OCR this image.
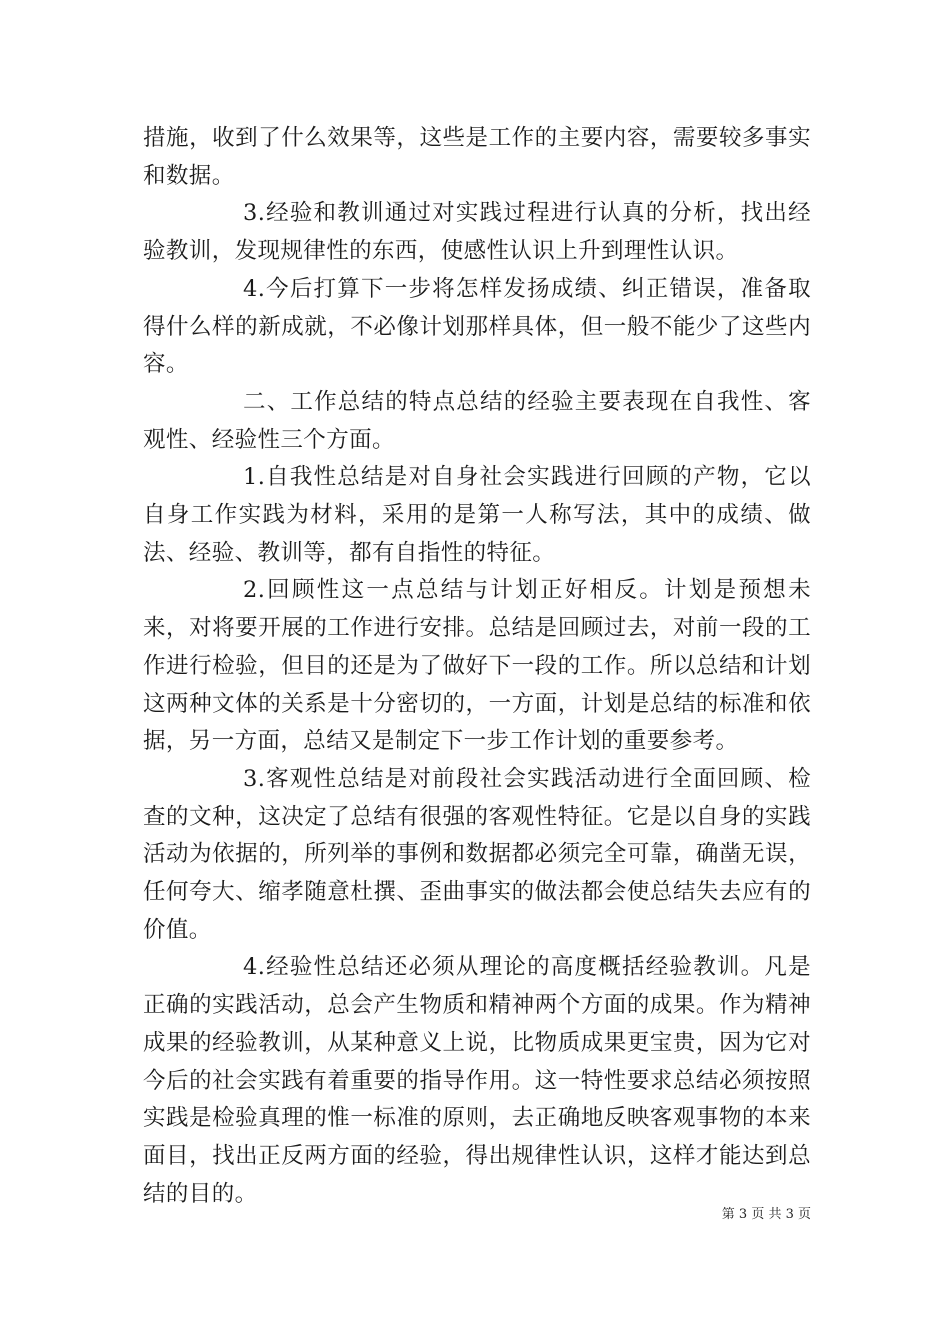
措施，收到了什么效果等，这些是工作的主要内容，需要较多事实和数据。

3.经验和教训通过对实践过程进行认真的分析，找出经验教训，发现规律性的东西，使感性认识上升到理性认识。

4.今后打算下一步将怎样发扬成绩、纠正错误，准备取得什么样的新成就，不必像计划那样具体，但一般不能少了这些内容。

二、工作总结的特点总结的经验主要表现在自我性、客观性、经验性三个方面。

1.自我性总结是对自身社会实践进行回顾的产物，它以自身工作实践为材料，采用的是第一人称写法，其中的成绩、做法、经验、教训等，都有自指性的特征。

2.回顾性这一点总结与计划正好相反。计划是预想未来，对将要开展的工作进行安排。总结是回顾过去，对前一段的工作进行检验，但目的还是为了做好下一段的工作。所以总结和计划这两种文体的关系是十分密切的，一方面，计划是总结的标准和依据，另一方面，总结又是制定下一步工作计划的重要参考。

3.客观性总结是对前段社会实践活动进行全面回顾、检查的文种，这决定了总结有很强的客观性特征。它是以自身的实践活动为依据的，所列举的事例和数据都必须完全可靠，确凿无误，任何夸大、缩孝随意杜撰、歪曲事实的做法都会使总结失去应有的价值。

4.经验性总结还必须从理论的高度概括经验教训。凡是正确的实践活动，总会产生物质和精神两个方面的成果。作为精神成果的经验教训，从某种意义上说，比物质成果更宝贵，因为它对今后的社会实践有着重要的指导作用。这一特性要求总结必须按照实践是检验真理的惟一标准的原则，去正确地反映客观事物的本来面目，找出正反两方面的经验，得出规律性认识，这样才能达到总结的目的。

第 3 页 共 3 页
